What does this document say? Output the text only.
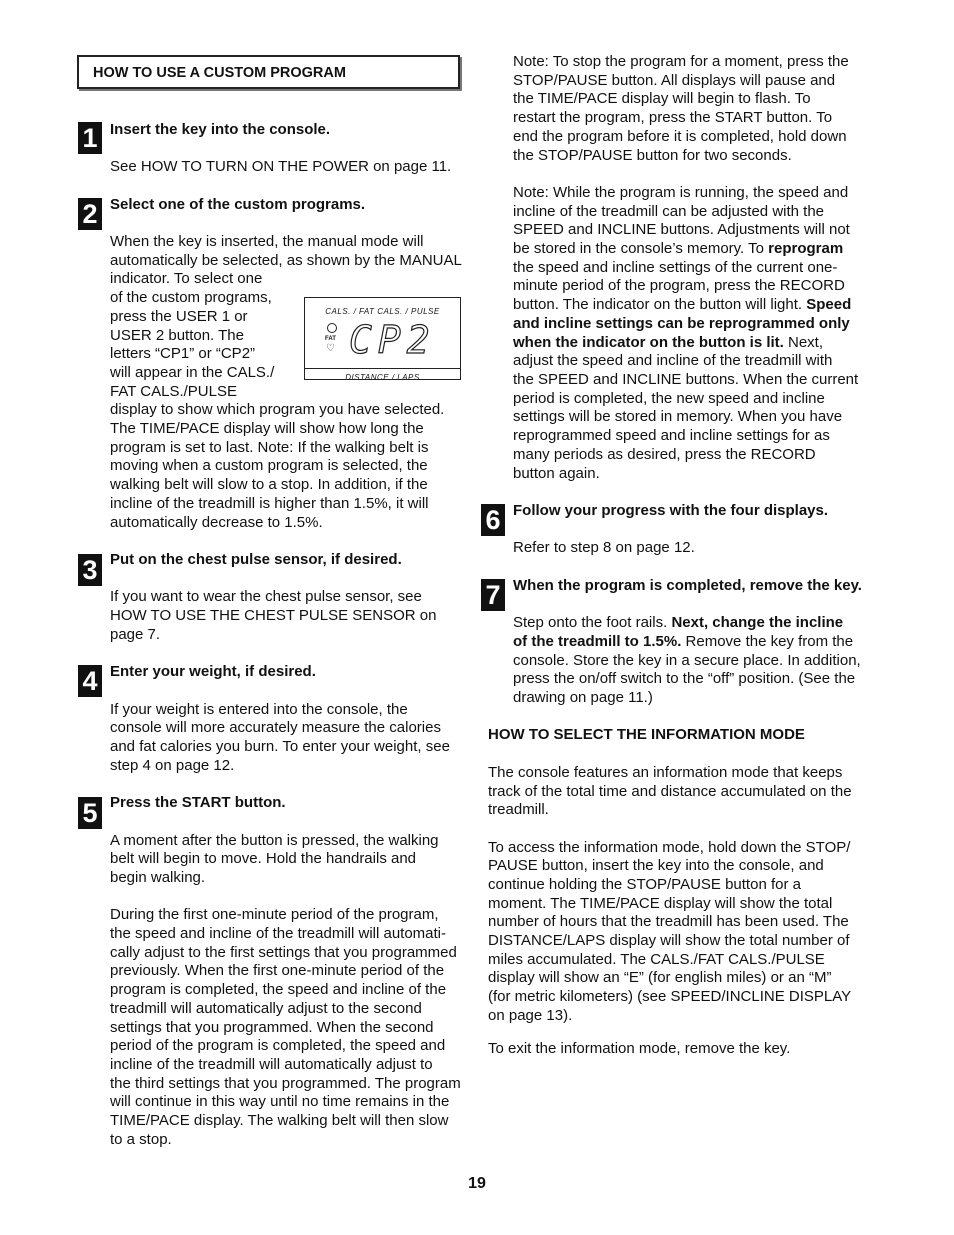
HOW TO USE A CUSTOM PROGRAM
1 Insert the key into the console.

See HOW TO TURN ON THE POWER on page 11.

2 Select one of the custom programs.

When the key is inserted, the manual mode will

automatically be selected, as shown by the MANUAL

indicator. To select one

of the custom programs,

press the USER 1 or

USER 2 button. The

letters “CP1” or “CP2”

will appear in the CALS./

FAT CALS./PULSE

display to show which program you have selected.

The TIME/PACE display will show how long the

program is set to last. Note: If the walking belt is

moving when a custom program is selected, the

walking belt will slow to a stop. In addition, if the

incline of the treadmill is higher than 1.5%, it will

automatically decrease to 1.5%.

CALS. / FAT CALS. / PULSE
FAT
♡ CP2
DISTANCE / LAPS
3 Put on the chest pulse sensor, if desired.

If you want to wear the chest pulse sensor, see

HOW TO USE THE CHEST PULSE SENSOR on

page 7.

4 Enter your weight, if desired.

If your weight is entered into the console, the

console will more accurately measure the calories

and fat calories you burn. To enter your weight, see

step 4 on page 12.

5 Press the START button.

A moment after the button is pressed, the walking

belt will begin to move. Hold the handrails and

begin walking.

During the first one-minute period of the program,

the speed and incline of the treadmill will automati-

cally adjust to the first settings that you programmed

previously. When the first one-minute period of the

program is completed, the speed and incline of the

treadmill will automatically adjust to the second

settings that you programmed. When the second

period of the program is completed, the speed and

incline of the treadmill will automatically adjust to

the third settings that you programmed. The program

will continue in this way until no time remains in the

TIME/PACE display. The walking belt will then slow

to a stop.

Note: To stop the program for a moment, press the

STOP/PAUSE button. All displays will pause and

the TIME/PACE display will begin to flash. To

restart the program, press the START button. To

end the program before it is completed, hold down

the STOP/PAUSE button for two seconds.

Note: While the program is running, the speed and

incline of the treadmill can be adjusted with the

SPEED and INCLINE buttons. Adjustments will not

be stored in the console’s memory. To reprogram

the speed and incline settings of the current one-

minute period of the program, press the RECORD

button. The indicator on the button will light. Speed

and incline settings can be reprogrammed only

when the indicator on the button is lit. Next,

adjust the speed and incline of the treadmill with

the SPEED and INCLINE buttons. When the current

period is completed, the new speed and incline

settings will be stored in memory. When you have

reprogrammed speed and incline settings for as

many periods as desired, press the RECORD

button again.

6 Follow your progress with the four displays.

Refer to step 8 on page 12.

7 When the program is completed, remove the key.

Step onto the foot rails. Next, change the incline

of the treadmill to 1.5%. Remove the key from the

console. Store the key in a secure place. In addition,

press the on/off switch to the “off” position. (See the

drawing on page 11.)

HOW TO SELECT THE INFORMATION MODE

The console features an information mode that keeps

track of the total time and distance accumulated on the

treadmill.

To access the information mode, hold down the STOP/

PAUSE button, insert the key into the console, and

continue holding the STOP/PAUSE button for a

moment. The TIME/PACE display will show the total

number of hours that the treadmill has been used. The

DISTANCE/LAPS display will show the total number of

miles accumulated. The CALS./FAT CALS./PULSE

display will show an “E” (for english miles) or an “M”

(for metric kilometers) (see SPEED/INCLINE DISPLAY

on page 13).

To exit the information mode, remove the key.

19
